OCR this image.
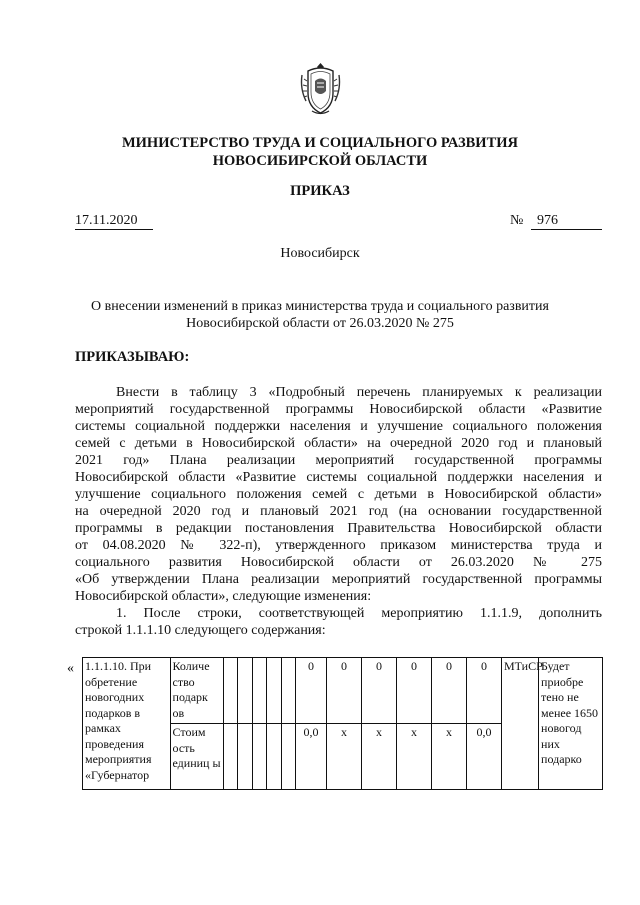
МИНИСТЕРСТВО ТРУДА И СОЦИАЛЬНОГО РАЗВИТИЯ
НОВОСИБИРСКОЙ ОБЛАСТИ
ПРИКАЗ
17.11.2020	№ 976
Новосибирск
О внесении изменений в приказ министерства труда и социального развития
Новосибирской области от 26.03.2020 № 275
ПРИКАЗЫВАЮ:
Внести в таблицу 3 «Подробный перечень планируемых к реализации
мероприятий государственной программы Новосибирской области «Развитие
системы социальной поддержки населения и улучшение социального положения
семей с детьми в Новосибирской области» на очередной 2020 год и плановый
2021 год» Плана реализации мероприятий государственной программы
Новосибирской области «Развитие системы социальной поддержки населения и
улучшение социального положения семей с детьми в Новосибирской области»
на очередной 2020 год и плановый 2021 год (на основании государственной
программы в редакции постановления Правительства Новосибирской области
от 04.08.2020 № 322-п), утвержденного приказом министерства труда и
социального развития Новосибирской области от 26.03.2020 № 275
«Об утверждении Плана реализации мероприятий государственной программы
Новосибирской области», следующие изменения:
1. После строки, соответствующей мероприятию 1.1.1.9, дополнить
строкой 1.1.1.10 следующего содержания:
« 1.1.1.10. При обретение новогодних подарков в рамках проведения мероприятия «Губернатор	Количе ство подарк ов						0	0	0	0	0	0	МТиСР	Будет приобре тено не менее 1650 новогод них подарко
	Стоим ость единиц ы						0,0	х	х	х	х	0,0		
